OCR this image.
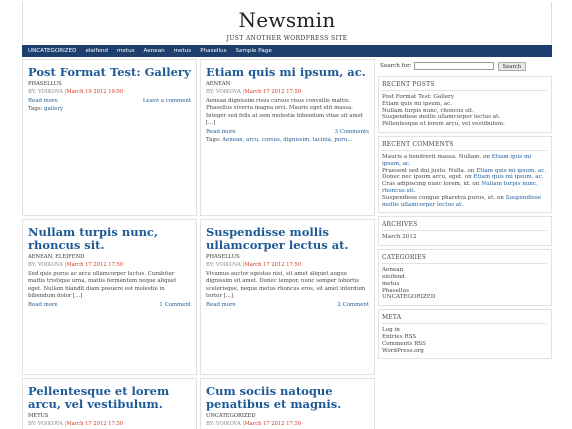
Newsmin
JUST ANOTHER WORDPRESS SITE
UNCATEGORIZED eleifend metus Aenean metus Phasellus Sample Page
Post Format Test: Gallery
PHASELLUS
BY: VOIKOVA |March 19 2012 19:00
Read more	Leave a comment
Tags: gallery
Etiam quis mi ipsum, ac.
AENEAN
BY: VOIKOVA |March 17 2012 17:50

Aenean dignissim risus cursus risus convallis mattis. Phasellus viverra magna orci. Mauris eget elit massa. Integer sed felis at sem molestie bibendum vitae sit amet [...]

Read more	3 Comments
Tags: Aenean, arcu, cursus, dignissim, lacinia, puru...
Nullam turpis nunc, rhoncus sit.
AENEAN, ELEIFEND
BY: VOIKOVA |March 17 2012 17:50

Sed quis purus ac arcu ullamcorper luctus. Curabitur mattis tristique urna, mattis fermentum neque aliquet eget. Nullam blandit diam posuere est molestie in bibendum dolor [...]

Read more	1 Comment
Suspendisse mollis ullamcorper lectus at.
PHASELLUS
BY: VOIKOVA |March 17 2012 17:50

Vivamus auctor egestas nisi, sit amet aliquet augue dignissim sit amet. Donec tempor, nunc semper lobortis scelerisque, neque metus rhoncus eros, sit amet interdum tortor [...]

Read more	2 Comment
Pellentesque et lorem arcu, vel vestibulum.
METUS
BY: VOIKOVA |March 17 2012 17:50
Cum sociis natoque penatibus et magnis.
UNCATEGORIZED
BY: VOIKOVA |March 17 2012 17:50
Search for:	Search
RECENT POSTS
Post Format Test: Gallery
Etiam quis mi ipsum, ac.
Nullam turpis nunc, rhoncus sit.
Suspendisse mollis ullamcorper lectus at.
Pellentesque et lorem arcu, vel vestibulum.
RECENT COMMENTS
Mauris a hendrerit massa. Nullam. on Etiam quis mi ipsum, ac.
Praesent sed dui justo. Nulla. on Etiam quis mi ipsum, ac.
Donec nec ipsum arcu, eget. on Etiam quis mi ipsum, ac.
Cras adipiscing nunc lorem, id. on Nullam turpis nunc, rhoncus sit.
Suspendisse congue pharetra purus, et. on Suspendisse mollis ullamcorper lectus at.
ARCHIVES
March 2012
CATEGORIES
Aenean
eleifend
metus
Phasellus
UNCATEGORIZED
META
Log in
Entries RSS
Comments RSS
WordPress.org
